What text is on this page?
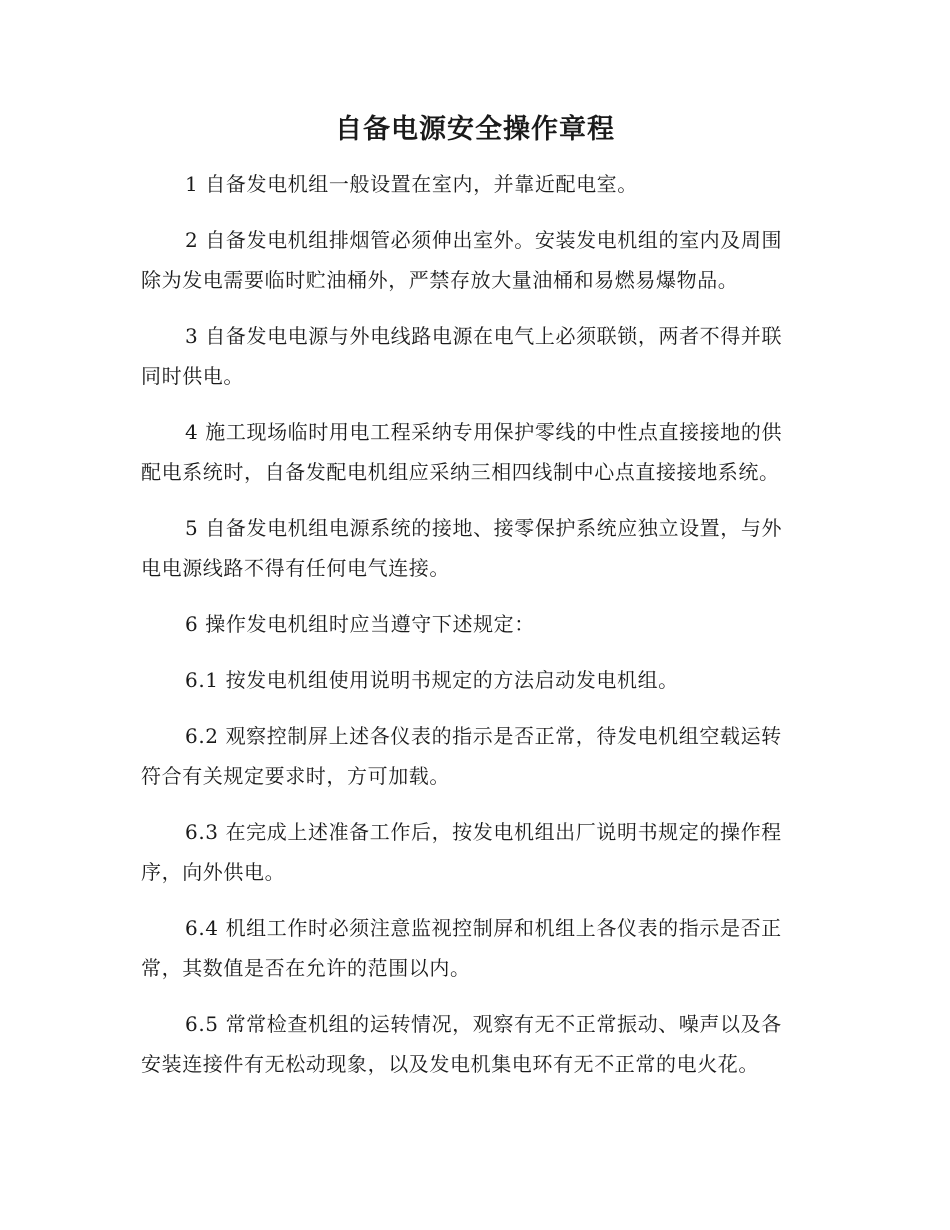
自备电源安全操作章程

1 自备发电机组一般设置在室内，并靠近配电室。

2 自备发电机组排烟管必须伸出室外。安装发电机组的室内及周围除为发电需要临时贮油桶外，严禁存放大量油桶和易燃易爆物品。

3 自备发电电源与外电线路电源在电气上必须联锁，两者不得并联同时供电。

4 施工现场临时用电工程采纳专用保护零线的中性点直接接地的供配电系统时，自备发配电机组应采纳三相四线制中心点直接接地系统。

5 自备发电机组电源系统的接地、接零保护系统应独立设置，与外电电源线路不得有任何电气连接。

6 操作发电机组时应当遵守下述规定：

6.1 按发电机组使用说明书规定的方法启动发电机组。

6.2 观察控制屏上述各仪表的指示是否正常，待发电机组空载运转符合有关规定要求时，方可加载。

6.3 在完成上述准备工作后，按发电机组出厂说明书规定的操作程序，向外供电。

6.4 机组工作时必须注意监视控制屏和机组上各仪表的指示是否正常，其数值是否在允许的范围以内。

6.5 常常检查机组的运转情况，观察有无不正常振动、噪声以及各安装连接件有无松动现象，以及发电机集电环有无不正常的电火花。
